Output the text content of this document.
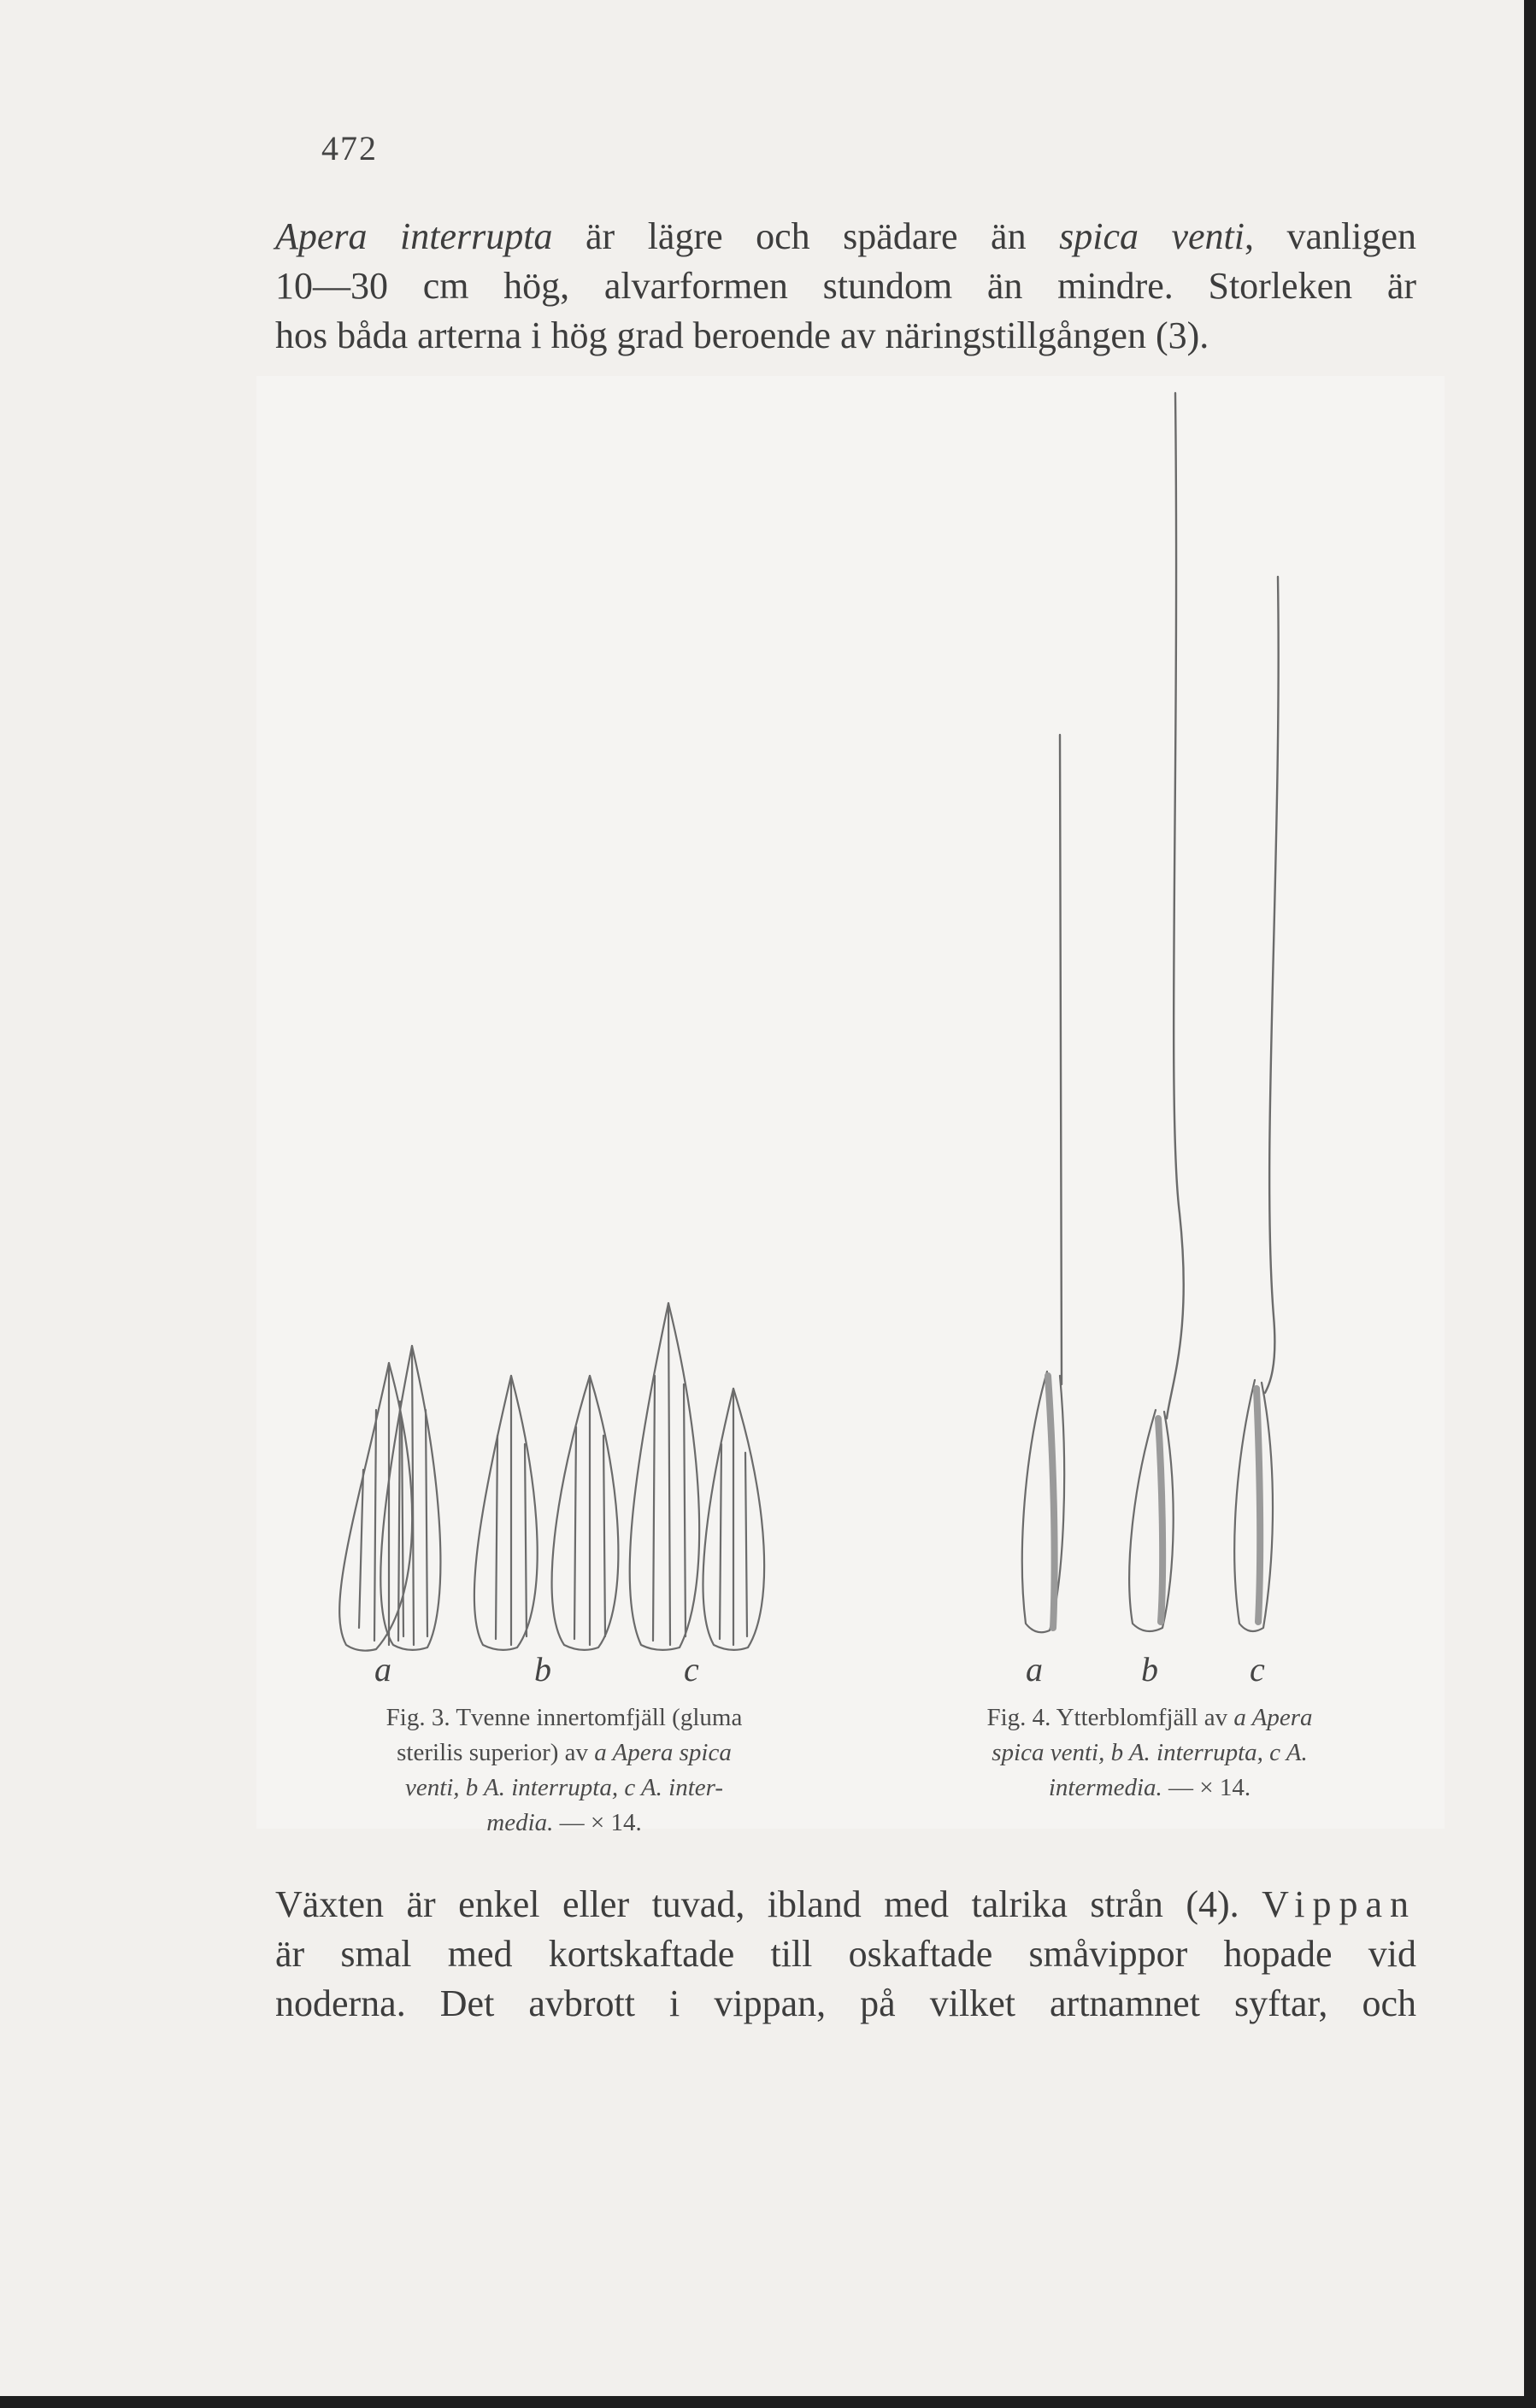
472
Apera interrupta är lägre och spädare än spica venti, vanligen
10—30 cm hög, alvarformen stundom än mindre. Storleken är
hos båda arterna i hög grad beroende av näringstillgången (3).
a	b	c	a	b	c
Fig. 3. Tvenne innertomfjäll (gluma
sterilis superior) av a Apera spica
venti, b A. interrupta, c A. inter-
media. — × 14.
Fig. 4. Ytterblomfjäll av a Apera
spica venti, b A. interrupta, c A.
intermedia. — × 14.
Växten är enkel eller tuvad, ibland med talrika strån (4). Vippan
är smal med kortskaftade till oskaftade småvippor hopade vid
noderna. Det avbrott i vippan, på vilket artnamnet syftar, och
